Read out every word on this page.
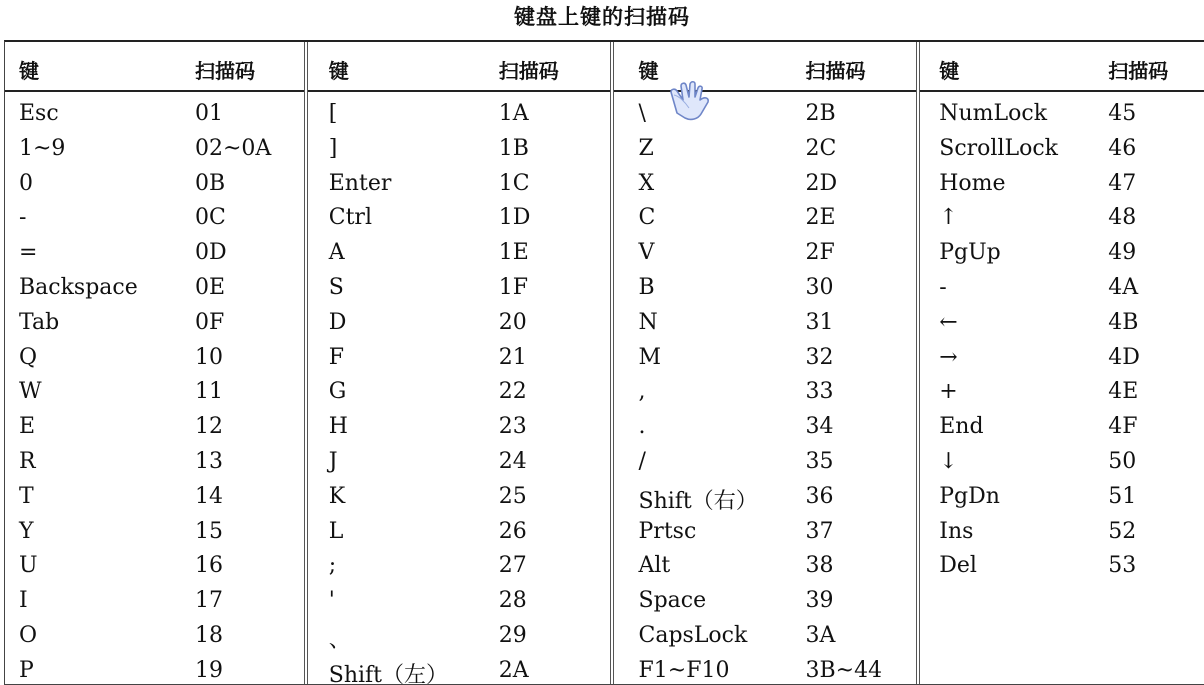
键盘上键的扫描码
键	扫描码
Esc	01
1~9	02~0A
0	0B
-	0C
=	0D
Backspace	0E
Tab	0F
Q	10
W	11
E	12
R	13
T	14
Y	15
U	16
I	17
O	18
P	19
键	扫描码
[	1A
]	1B
Enter	1C
Ctrl	1D
A	1E
S	1F
D	20
F	21
G	22
H	23
J	24
K	25
L	26
;	27
'	28
、	29
Shift（左） 2A
键	扫描码
\	2B
Z	2C
X	2D
C	2E
V	2F
B	30
N	31
M	32
,	33
.	34
/	35
Shift（右） 36
Prtsc	37
Alt	38
Space	39
CapsLock	3A
F1~F10	3B~44
键	扫描码
NumLock	45
ScrollLock 46
Home	47
↑	48
PgUp	49
-	4A
←	4B
→	4D
+	4E
End	4F
↓	50
PgDn	51
Ins	52
Del	53
